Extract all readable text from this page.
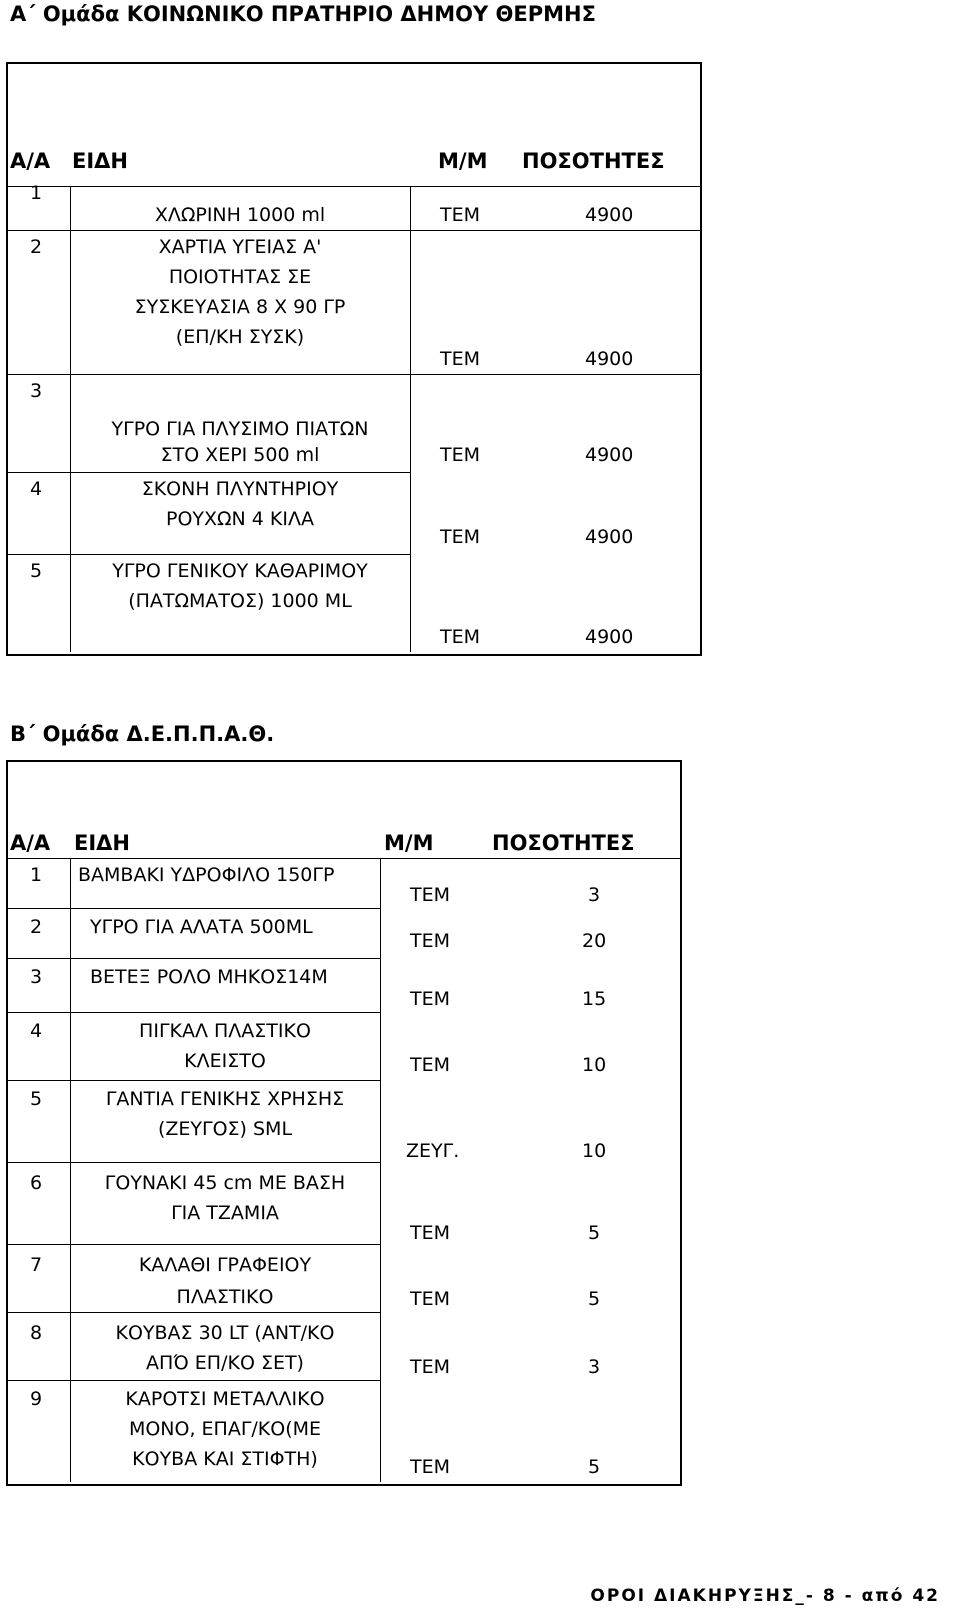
Α΄ Ομάδα ΚΟΙΝΩΝΙΚΟ ΠΡΑΤΗΡΙΟ ΔΗΜΟΥ ΘΕΡΜΗΣ
Α/Α ΕΙΔΗ	Μ/Μ ΠΟΣΟΤΗΤΕΣ
1
ΧΛΩΡΙΝΗ 1000 ml	ΤΕΜ	4900
2	ΧΑΡΤΙΑ ΥΓΕΙΑΣ Α'
ΠΟΙΟΤΗΤΑΣ ΣΕ
ΣΥΣΚΕΥΑΣΙΑ 8 Χ 90 ΓΡ
(ΕΠ/ΚΗ ΣΥΣΚ)
ΤΕΜ	4900
3
ΥΓΡΟ ΓΙΑ ΠΛΥΣΙΜΟ ΠΙΑΤΩΝ
ΣΤΟ ΧΕΡΙ 500 ml	ΤΕΜ	4900
4	ΣΚΟΝΗ ΠΛΥΝΤΗΡΙΟΥ
ΡΟΥΧΩΝ 4 ΚΙΛΑ
ΤΕΜ	4900
5	ΥΓΡΟ ΓΕΝΙΚΟΥ ΚΑΘΑΡΙΜΟΥ
(ΠΑΤΩΜΑΤΟΣ) 1000 ML
ΤΕΜ	4900
Β΄ Ομάδα Δ.Ε.Π.Π.Α.Θ.
Α/Α ΕΙΔΗ	Μ/Μ	ΠΟΣΟΤΗΤΕΣ
1 ΒΑΜΒΑΚΙ ΥΔΡΟΦΙΛΟ 150ΓΡ
ΤΕΜ	3
2	ΥΓΡΟ ΓΙΑ ΑΛΑΤΑ 500ML
ΤΕΜ	20
3	ΒΕΤΕΞ ΡΟΛΟ ΜΗΚΟΣ14Μ
ΤΕΜ	15
4	ΠΙΓΚΑΛ ΠΛΑΣΤΙΚΟ
ΚΛΕΙΣΤΟ	ΤΕΜ	10
5	ΓΑΝΤΙΑ ΓΕΝΙΚΗΣ ΧΡΗΣΗΣ
(ΖΕΥΓΟΣ) SML
ΖΕΥΓ.	10
6	ΓΟΥΝΑΚΙ 45 cm ΜΕ ΒΑΣΗ
ΓΙΑ ΤΖΑΜΙΑ
ΤΕΜ	5
7	ΚΑΛΑΘΙ ΓΡΑΦΕΙΟΥ
ΠΛΑΣΤΙΚΟ	ΤΕΜ	5
8	ΚΟΥΒΑΣ 30 LT (ΑΝΤ/ΚΟ
ΑΠΌ ΕΠ/ΚΟ ΣΕΤ)	ΤΕΜ	3
9	ΚΑΡΟΤΣΙ ΜΕΤΑΛΛΙΚΟ
ΜΟΝΟ, ΕΠΑΓ/ΚΟ(ΜΕ
ΚΟΥΒΑ ΚΑΙ ΣΤΙΦΤΗ)	ΤΕΜ	5
ΟΡΟΙ ΔΙΑΚΗΡΥΞΗΣ_- 8 - από 42
